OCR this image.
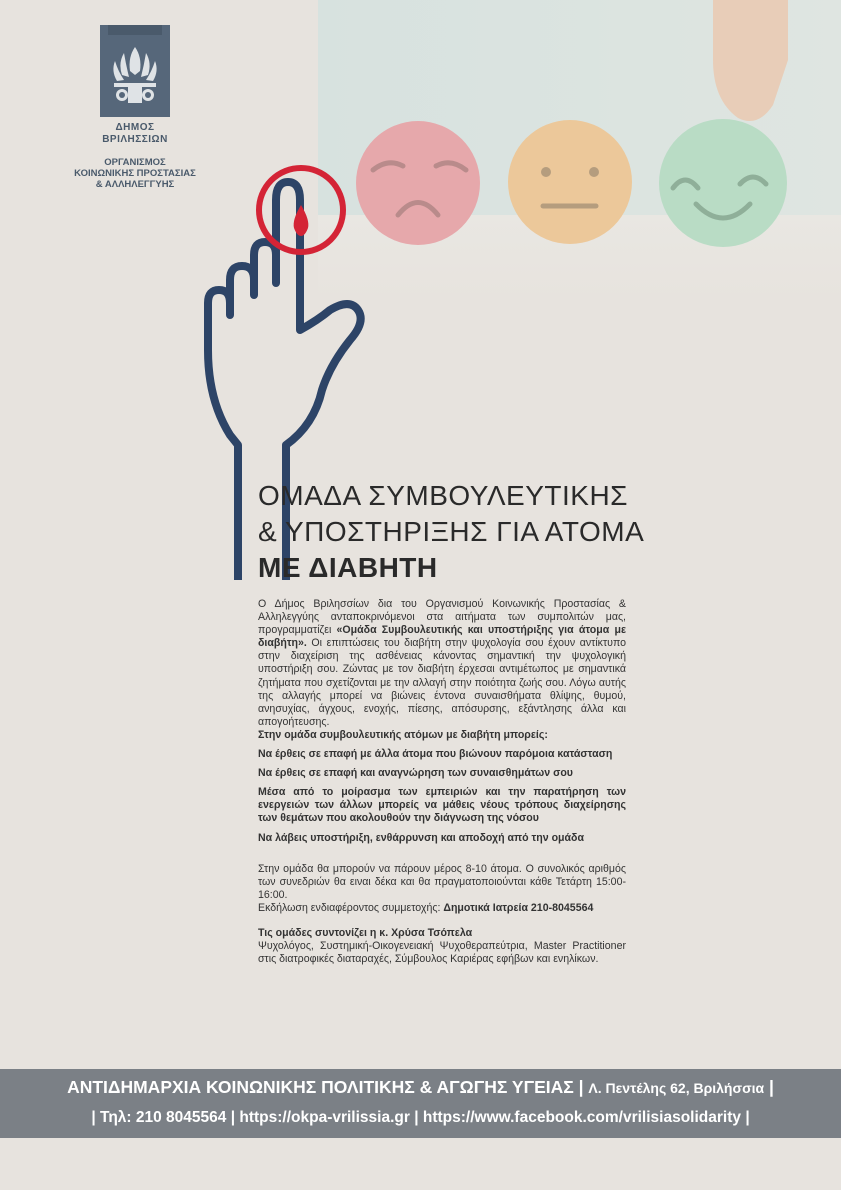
ΔΗΜΟΣ
ΒΡΙΛΗΣΣΙΩΝ
ΟΡΓΑΝΙΣΜΟΣ
ΚΟΙΝΩΝΙΚΗΣ ΠΡΟΣΤΑΣΙΑΣ
& ΑΛΛΗΛΕΓΓΥΗΣ
ΟΜΑΔΑ ΣΥΜΒΟΥΛΕΥΤΙΚΗΣ
& ΥΠΟΣΤΗΡΙΞΗΣ ΓΙΑ ΑΤΟΜΑ
ΜΕ ΔΙΑΒΗΤΗ

Ο Δήμος Βριλησσίων δια του Οργανισμού Κοινωνικής Προστασίας & Αλληλεγγύης ανταποκρινόμενοι στα αιτήματα των συμπολιτών μας, προγραμματίζει «Ομάδα Συμβουλευτικής και υποστήριξης για άτομα με διαβήτη». Οι επιπτώσεις του διαβήτη στην ψυχολογία σου έχουν αντίκτυπο στην διαχείριση της ασθένειας κάνοντας σημαντική την ψυχολογική υποστήριξη σου. Ζώντας με τον διαβήτη έρχεσαι αντιμέτωπος με σημαντικά ζητήματα που σχετίζονται με την αλλαγή στην ποιότητα ζωής σου. Λόγω αυτής της αλλαγής μπορεί να βιώνεις έντονα συναισθήματα θλίψης, θυμού, ανησυχίας, άγχους, ενοχής, πίεσης, απόσυρσης, εξάντλησης άλλα και απογοήτευσης.

Στην ομάδα συμβουλευτικής ατόμων με διαβήτη μπορείς:

Να έρθεις σε επαφή με άλλα άτομα που βιώνουν παρόμοια κατάσταση

Να έρθεις σε επαφή και αναγνώρηση των συναισθημάτων σου

Μέσα από το μοίρασμα των εμπειριών και την παρατήρηση των ενεργειών των άλλων μπορείς να μάθεις νέους τρόπους διαχείρησης των θεμάτων που ακολουθούν την διάγνωση της νόσου

Να λάβεις υποστήριξη, ενθάρρυνση και αποδοχή από την ομάδα

Στην ομάδα θα μπορούν να πάρουν μέρος 8-10 άτομα. Ο συνολικός αριθμός των συνεδριών θα ειναι δέκα και θα πραγματοποιούνται κάθε Τετάρτη 15:00- 16:00.

Εκδήλωση ενδιαφέροντος συμμετοχής: Δημοτικά Ιατρεία 210-8045564

Τις ομάδες συντονίζει η κ. Χρύσα Τσόπελα

Ψυχολόγος, Συστημική-Οικογενειακή Ψυχοθεραπεύτρια, Master Practitioner στις διατροφικές διαταραχές, Σύμβουλος Καριέρας εφήβων και ενηλίκων.

ΑΝΤΙΔΗΜΑΡΧΙΑ ΚΟΙΝΩΝΙΚΗΣ ΠΟΛΙΤΙΚΗΣ & ΑΓΩΓΗΣ ΥΓΕΙΑΣ | Λ. Πεντέλης 62, Βριλήσσια |
| Τηλ: 210 8045564 | https://okpa-vrilissia.gr | https://www.facebook.com/vrilisiasolidarity |
